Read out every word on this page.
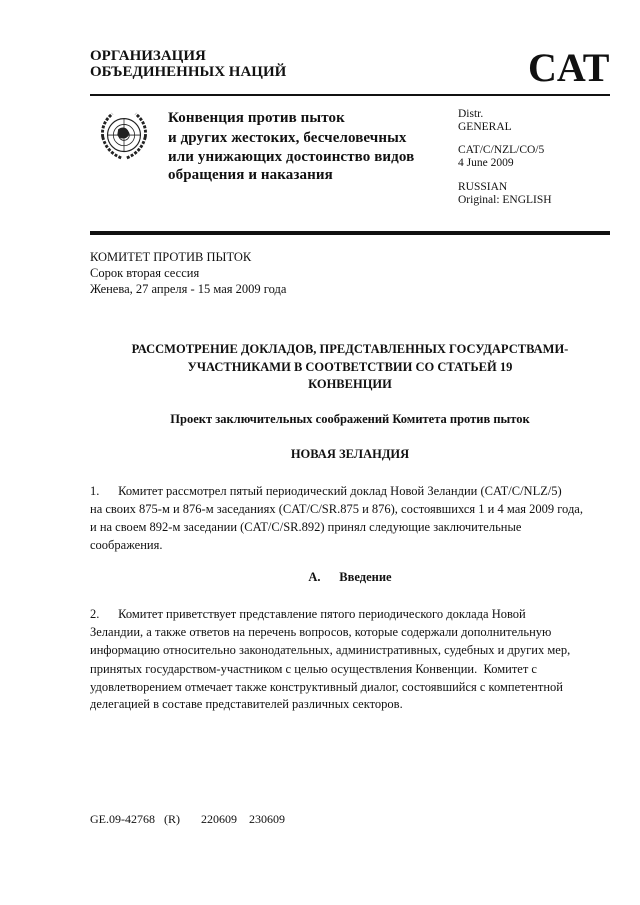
ОРГАНИЗАЦИЯ
ОБЪЕДИНЕННЫХ НАЦИЙ	CAT
Конвенция против пыток
и других жестоких, бесчеловечных
или унижающих достоинство видов
обращения и наказания
Distr.
GENERAL
CAT/C/NZL/CO/5
4 June 2009
RUSSIAN
Original: ENGLISH
КОМИТЕТ ПРОТИВ ПЫТОК
Сорок вторая сессия
Женева, 27 апреля - 15 мая 2009 года
РАССМОТРЕНИЕ ДОКЛАДОВ, ПРЕДСТАВЛЕННЫХ ГОСУДАРСТВАМИ-
УЧАСТНИКАМИ В СООТВЕТСТВИИ СО СТАТЬЕЙ 19
КОНВЕНЦИИ
Проект заключительных соображений Комитета против пыток
НОВАЯ ЗЕЛАНДИЯ
1.      Комитет рассмотрел пятый периодический доклад Новой Зеландии (CAT/C/NLZ/5)
на своих 875-м и 876-м заседаниях (CAT/C/SR.875 и 876), состоявшихся 1 и 4 мая 2009 года,
и на своем 892-м заседании (CAT/C/SR.892) принял следующие заключительные
соображения.
A.      Введение
2.      Комитет приветствует представление пятого периодического доклада Новой
Зеландии, а также ответов на перечень вопросов, которые содержали дополнительную
информацию относительно законодательных, административных, судебных и других мер,
принятых государством-участником с целью осуществления Конвенции.  Комитет с
удовлетворением отмечает также конструктивный диалог, состоявшийся с компетентной
делегацией в составе представителей различных секторов.
GE.09-42768   (R)       220609    230609
